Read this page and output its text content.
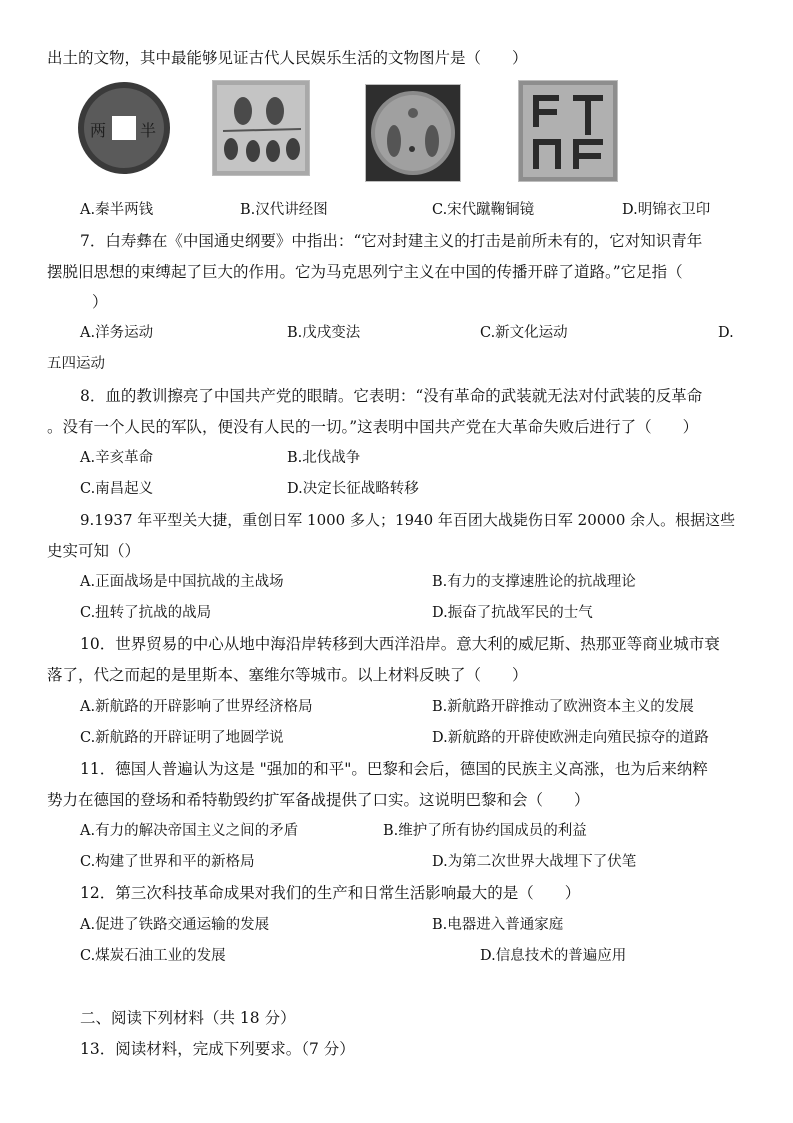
出土的文物，其中最能够见证古代人民娱乐生活的文物图片是（　　）
两 半
A.秦半两钱	B.汉代讲经图	C.宋代蹴鞠铜镜	D.明锦衣卫印
7．白寿彝在《中国通史纲要》中指出：“它对封建主义的打击是前所未有的，它对知识青年
摆脱旧思想的束缚起了巨大的作用。它为马克思列宁主义在中国的传播开辟了道路。”它足指（
）
A.洋务运动	B.戊戌变法	C.新文化运动	D.
五四运动
8．血的教训擦亮了中国共产党的眼睛。它表明：“没有革命的武装就无法对付武装的反革命
。没有一个人民的军队，便没有人民的一切。”这表明中国共产党在大革命失败后进行了（　　）
A.辛亥革命	B.北伐战争
C.南昌起义	D.决定长征战略转移
9.1937 年平型关大捷，重创日军 1000 多人；1940 年百团大战毙伤日军 20000 余人。根据这些
史实可知（）
A.正面战场是中国抗战的主战场	B.有力的支撑速胜论的抗战理论
C.扭转了抗战的战局	D.振奋了抗战军民的士气
10．世界贸易的中心从地中海沿岸转移到大西洋沿岸。意大利的威尼斯、热那亚等商业城市衰
落了，代之而起的是里斯本、塞维尔等城市。以上材料反映了（　　）
A.新航路的开辟影响了世界经济格局	B.新航路开辟推动了欧洲资本主义的发展
C.新航路的开辟证明了地圆学说	D.新航路的开辟使欧洲走向殖民掠夺的道路
11．德国人普遍认为这是 "强加的和平"。巴黎和会后，德国的民族主义高涨，也为后来纳粹
势力在德国的登场和希特勒毁约扩军备战提供了口实。这说明巴黎和会（　　）
A.有力的解决帝国主义之间的矛盾	B.维护了所有协约国成员的利益
C.构建了世界和平的新格局	D.为第二次世界大战埋下了伏笔
12．第三次科技革命成果对我们的生产和日常生活影响最大的是（　　）
A.促进了铁路交通运输的发展	B.电器进入普通家庭
C.煤炭石油工业的发展	D.信息技术的普遍应用
二、阅读下列材料（共 18 分）
13．阅读材料，完成下列要求。（7 分）
